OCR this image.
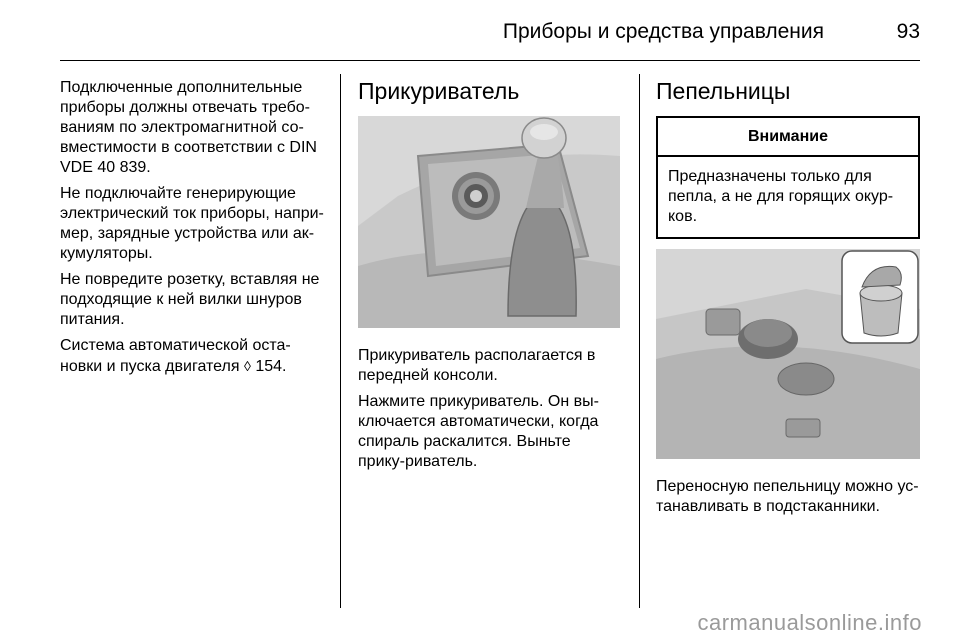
Приборы и средства управления	93

Подключенные дополнительные приборы должны отвечать требо-ваниям по электромагнитной со-вместимости в соответствии с DIN VDE 40 839.

Не подключайте генерирующие электрический ток приборы, напри-мер, зарядные устройства или ак-кумуляторы.

Не повредите розетку, вставляя не подходящие к ней вилки шнуров питания.

Система автоматической оста-новки и пуска двигателя ◊ 154.

Прикуриватель

Прикуриватель располагается в передней консоли.

Нажмите прикуриватель. Он вы-ключается автоматически, когда спираль раскалится. Выньте прику-риватель.

Пепельницы
Внимание
Предназначены только для пепла, а не для горящих окур-ков.

Переносную пепельницу можно ус-танавливать в подстаканники.

carmanualsonline.info
